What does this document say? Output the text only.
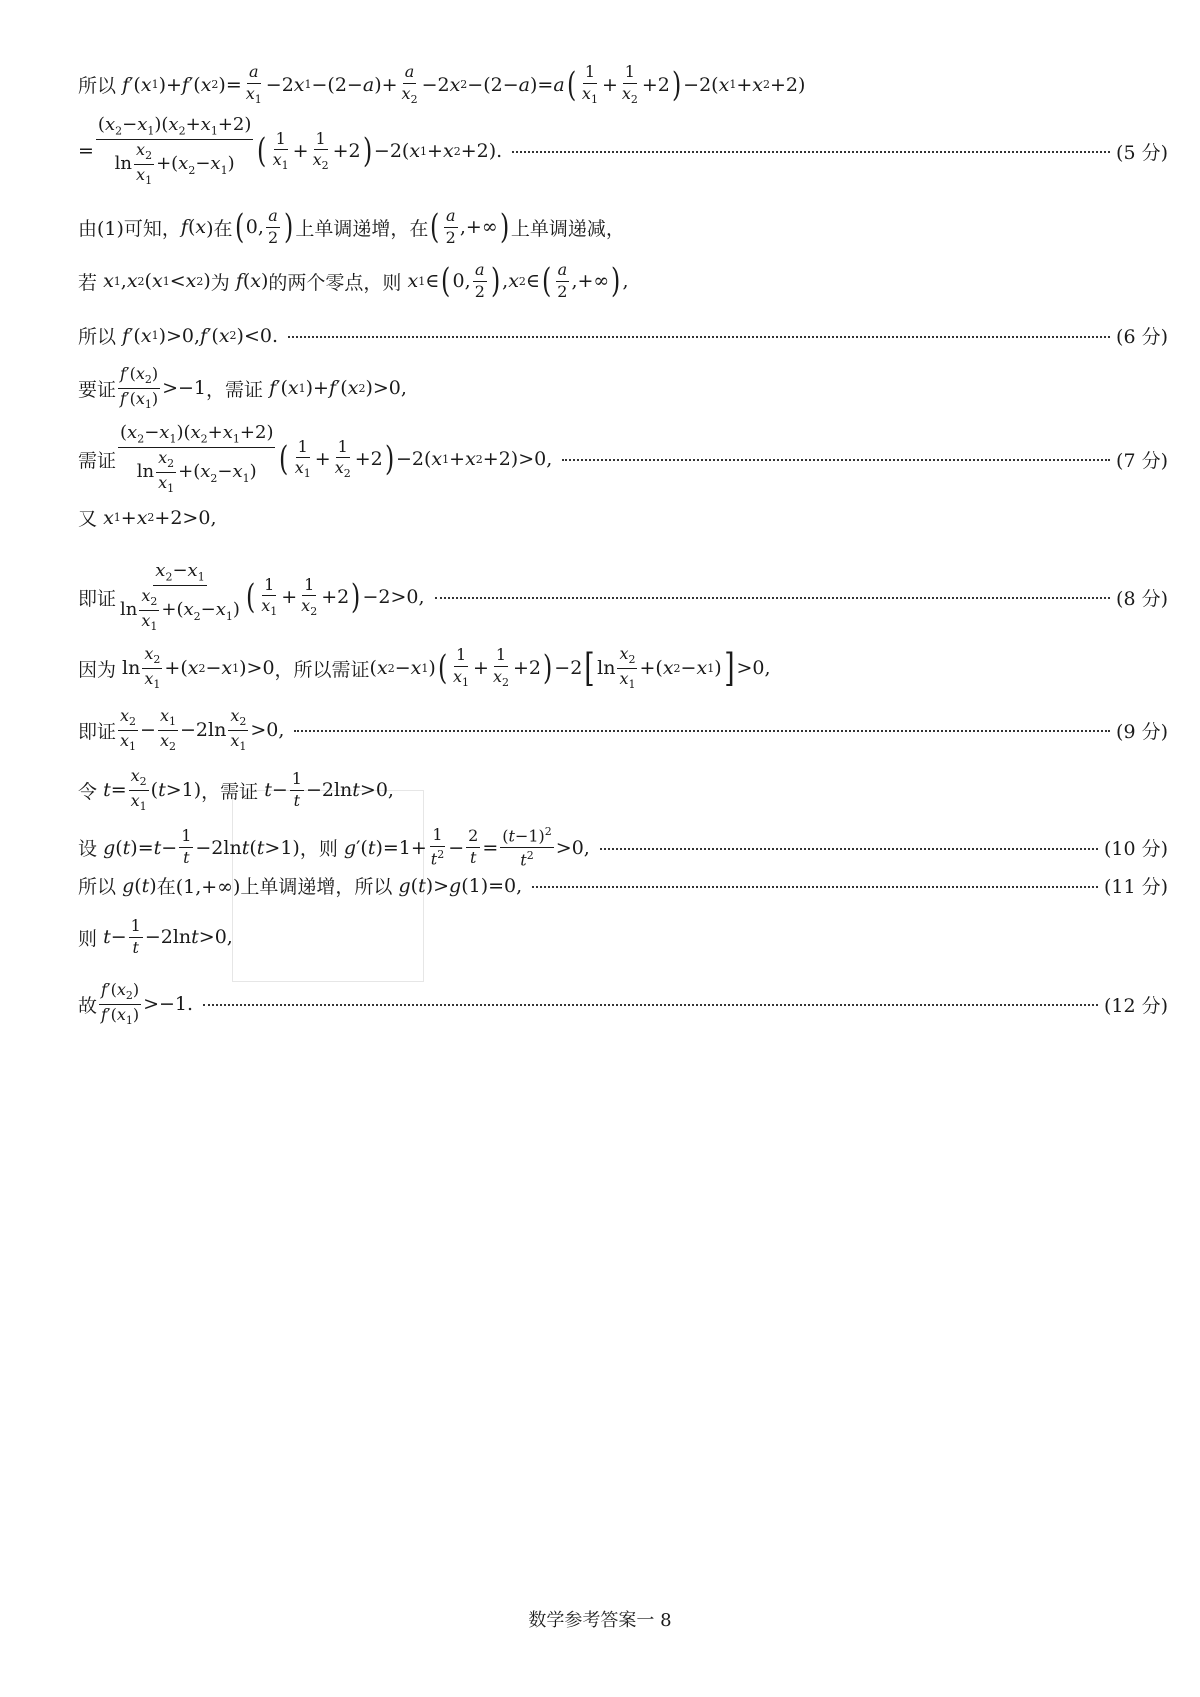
所以
f ′( x 1 )+ f ′( x 2 )= $\frac{a}{x_1} -2$ x 1 −(2− a )+ $\frac{a}{x_2} -2$ x 2 −(2− a )= a ( $\frac{1}{x_1} + \frac{1}{x_2} +2$ ) −2( x 1 + x 2 +2)
= $\frac{(x_2-x_1)(x_2+x_1+2)}{\ln \frac{x_2}{x_1} +(x_2-x_1)}$ ( $\frac{1}{x_1} + \frac{1}{x_2} +2$ ) −2( x 1 + x 2 +2).	(5 分)
由(1)可知， f ( x )在 ( 0, $\frac{a}{2}$ ) 上单调递增，在 ( $\frac{a}{2}$ ,+∞ ) 上单调递减，
若
x 1 , x 2 ( x 1 < x 2 ) 为
f ( x ) 的两个零点，则
x 1 ∈ ( 0, $\frac{a}{2}$ ) , x 2 ∈ ( $\frac{a}{2}$ ,+∞ ) ,
所以
f ′( x 1 )>0, f ′( x 2 )<0.	(6 分)
要证 $\frac{f'(x_2)}{f'(x_1)} >-1$ ，需证
f ′( x 1 )+ f ′( x 2 )>0,
需证 $\frac{(x_2-x_1)(x_2+x_1+2)}{\ln \frac{x_2}{x_1} +(x_2-x_1)}$ ( $\frac{1}{x_1} + \frac{1}{x_2} +2$ ) −2( x 1 + x 2 +2)>0,	(7 分)
又
x 1 + x 2 +2>0,
即证 $\frac{x_2-x_1}{\ln \frac{x_2}{x_1} +(x_2-x_1)}$ ( $\frac{1}{x_1} + \frac{1}{x_2} +2$ ) −2>0,	(8 分)
因为 $\ln \frac{x_2}{x_1}$ +( x 2 − x 1 )>0 ，所以需证 ( x 2 − x 1 ) ( $\frac{1}{x_1} + \frac{1}{x_2} +2$ ) −2 [ $\ln \frac{x_2}{x_1}$ +( x 2 − x 1 ) ] >0,
即证 $\frac{x_2}{x_1} - \frac{x_1}{x_2} -2\ln \frac{x_2}{x_1} >0$,	(9 分)
令
$t = \frac{x_2}{x_1}$ ( t >1) ，需证
$t - \frac{1}{t} -2\ln$ t >0,
设
g ( t )= $t - \frac{1}{t} -2\ln$ t ( t >1) ，则
g ′( t )$=1+ \frac{1}{t^2} - \frac{2}{t} = \frac{(t-1)^2}{t^2} >0$,	(10 分)
所以
g ( t ) 在(1,+∞)上单调递增，所以
g ( t )> g (1)=0,	(11 分)
则
$t - \frac{1}{t} -2\ln$ t >0,
故 $\frac{f'(x_2)}{f'(x_1)} >-1$.	(12 分)
数学参考答案一 8
